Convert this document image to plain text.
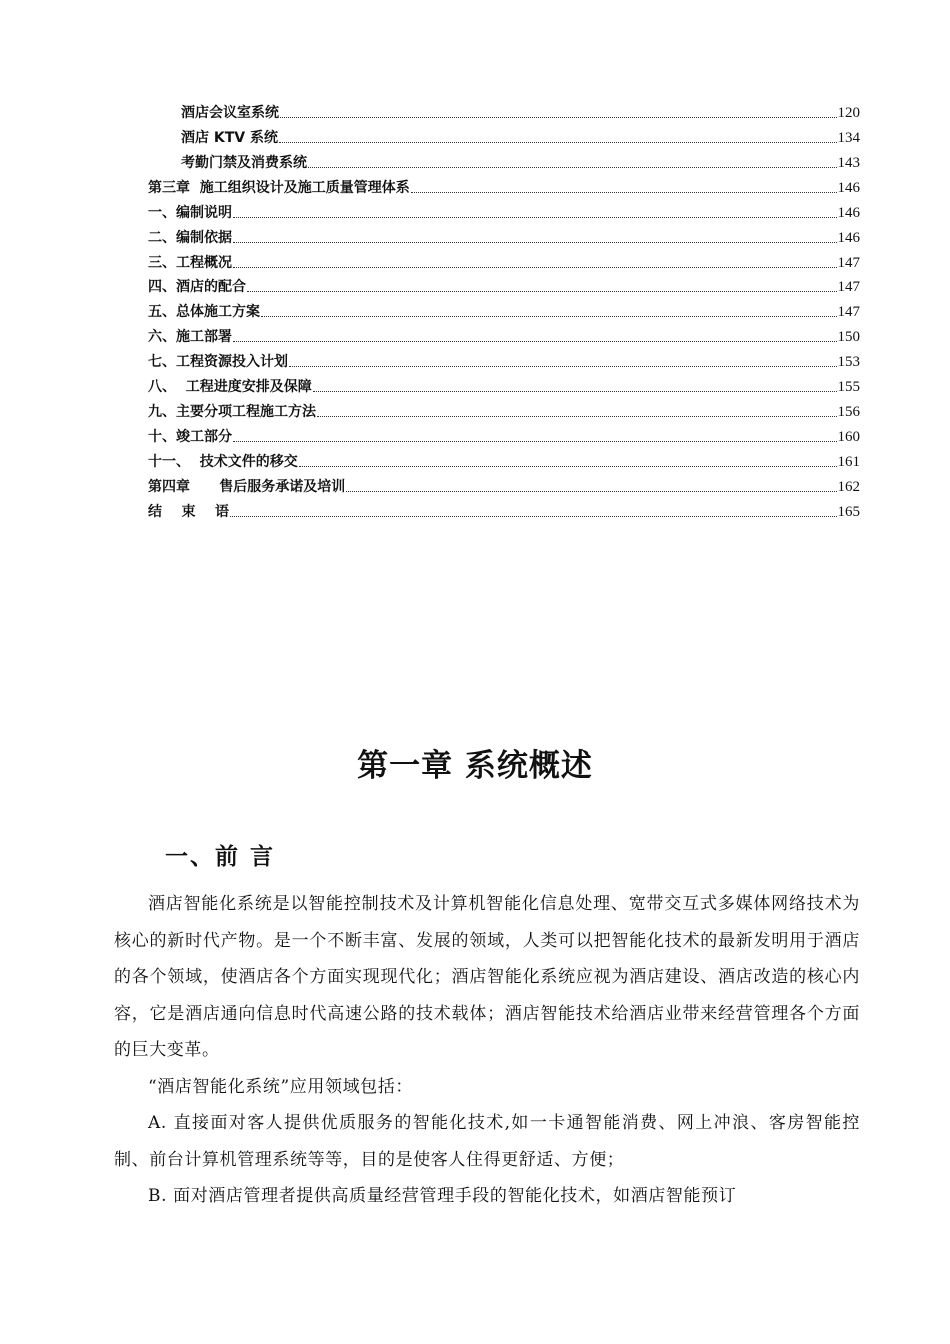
酒店会议室系统	120
酒店 KTV 系统	134
考勤门禁及消费系统	143
第三章  施工组织设计及施工质量管理体系	146
一、编制说明	146
二、编制依据	146
三、工程概况	147
四、酒店的配合	147
五、总体施工方案	147
六、施工部署	150
七、工程资源投入计划	153
八、  工程进度安排及保障	155
九、主要分项工程施工方法	156
十、竣工部分	160
十一、  技术文件的移交	161
第四章      售后服务承诺及培训	162
结    束    语	165
第一章 系统概述
一、前 言

酒店智能化系统是以智能控制技术及计算机智能化信息处理、宽带交互式多媒体网络技术为核心的新时代产物。是一个不断丰富、发展的领域，人类可以把智能化技术的最新发明用于酒店的各个领域，使酒店各个方面实现现代化；酒店智能化系统应视为酒店建设、酒店改造的核心内容，它是酒店通向信息时代高速公路的技术载体；酒店智能技术给酒店业带来经营管理各个方面的巨大变革。

“酒店智能化系统”应用领域包括：

A. 直接面对客人提供优质服务的智能化技术,如一卡通智能消费、网上冲浪、客房智能控制、前台计算机管理系统等等，目的是使客人住得更舒适、方便；

B. 面对酒店管理者提供高质量经营管理手段的智能化技术，如酒店智能预订
